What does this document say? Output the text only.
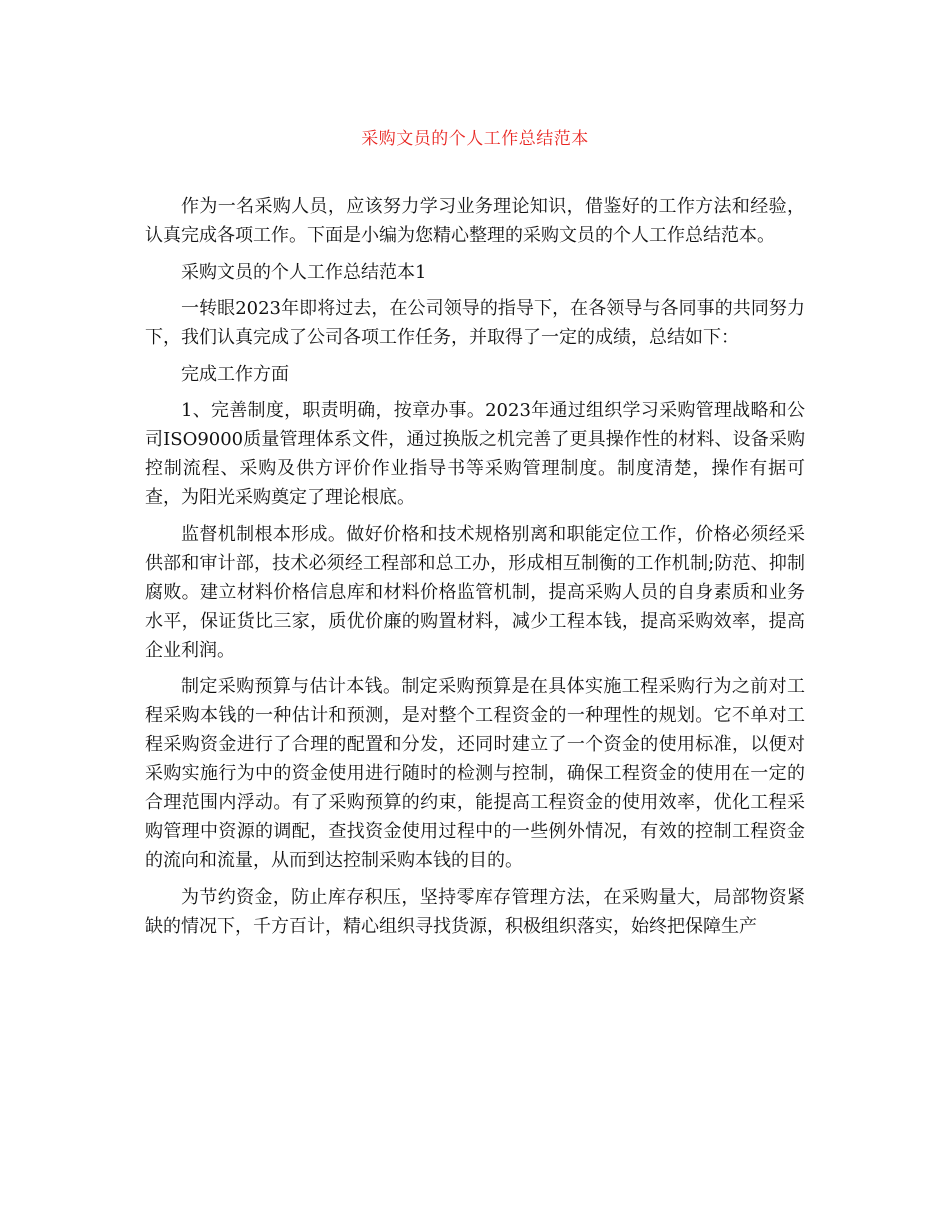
采购文员的个人工作总结范本

作为一名采购人员，应该努力学习业务理论知识，借鉴好的工作方法和经验，认真完成各项工作。下面是小编为您精心整理的采购文员的个人工作总结范本。

采购文员的个人工作总结范本1

一转眼2023年即将过去，在公司领导的指导下，在各领导与各同事的共同努力下，我们认真完成了公司各项工作任务，并取得了一定的成绩，总结如下：

完成工作方面

1、完善制度，职责明确，按章办事。2023年通过组织学习采购管理战略和公司ISO9000质量管理体系文件，通过换版之机完善了更具操作性的材料、设备采购控制流程、采购及供方评价作业指导书等采购管理制度。制度清楚，操作有据可查，为阳光采购奠定了理论根底。

监督机制根本形成。做好价格和技术规格别离和职能定位工作，价格必须经采供部和审计部，技术必须经工程部和总工办，形成相互制衡的工作机制;防范、抑制腐败。建立材料价格信息库和材料价格监管机制，提高采购人员的自身素质和业务水平，保证货比三家，质优价廉的购置材料，减少工程本钱，提高采购效率，提高企业利润。

制定采购预算与估计本钱。制定采购预算是在具体实施工程采购行为之前对工程采购本钱的一种估计和预测，是对整个工程资金的一种理性的规划。它不单对工程采购资金进行了合理的配置和分发，还同时建立了一个资金的使用标准，以便对采购实施行为中的资金使用进行随时的检测与控制，确保工程资金的使用在一定的合理范围内浮动。有了采购预算的约束，能提高工程资金的使用效率，优化工程采购管理中资源的调配，查找资金使用过程中的一些例外情况，有效的控制工程资金的流向和流量，从而到达控制采购本钱的目的。

为节约资金，防止库存积压，坚持零库存管理方法，在采购量大，局部物资紧缺的情况下，千方百计，精心组织寻找货源，积极组织落实，始终把保障生产
